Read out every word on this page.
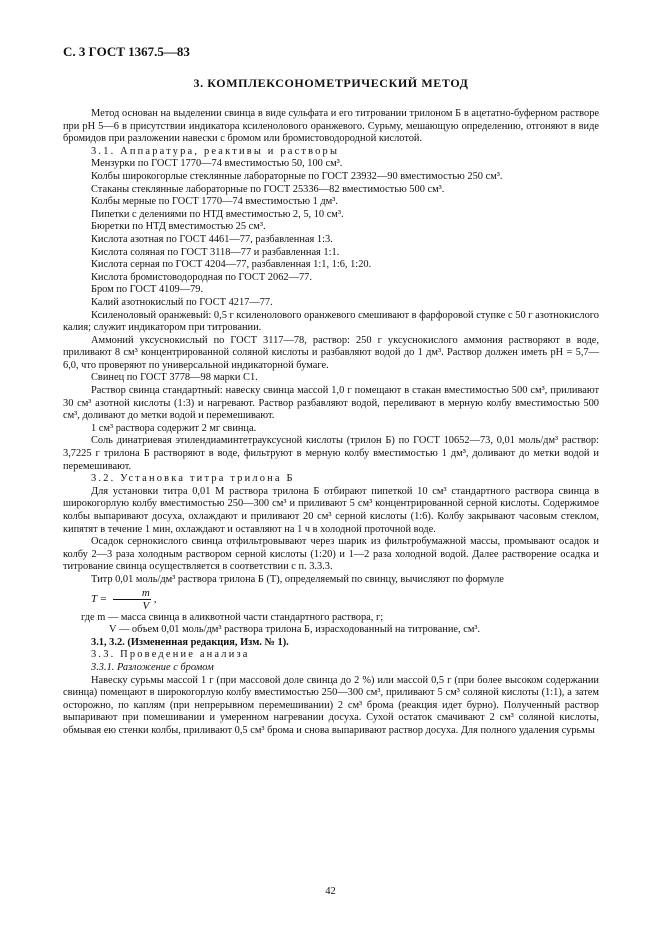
С. 3 ГОСТ 1367.5—83
3. КОМПЛЕКСОНОМЕТРИЧЕСКИЙ МЕТОД

Метод основан на выделении свинца в виде сульфата и его титровании трилоном Б в ацетатно-буферном растворе при рН 5—6 в присутствии индикатора ксиленолового оранжевого. Сурьму, мешающую определению, отгоняют в виде бромидов при разложении навески с бромом или бромистоводородной кислотой.

3.1. Аппаратура, реактивы и растворы

Мензурки по ГОСТ 1770—74 вместимостью 50, 100 см³.

Колбы широкогорлые стеклянные лабораторные по ГОСТ 23932—90 вместимостью 250 см³.

Стаканы стеклянные лабораторные по ГОСТ 25336—82 вместимостью 500 см³.

Колбы мерные по ГОСТ 1770—74 вместимостью 1 дм³.

Пипетки с делениями по НТД вместимостью 2, 5, 10 см³.

Бюретки по НТД вместимостью 25 см³.

Кислота азотная по ГОСТ 4461—77, разбавленная 1:3.

Кислота соляная по ГОСТ 3118—77 и разбавленная 1:1.

Кислота серная по ГОСТ 4204—77, разбавленная 1:1, 1:6, 1:20.

Кислота бромистоводородная по ГОСТ 2062—77.

Бром по ГОСТ 4109—79.

Калий азотнокислый по ГОСТ 4217—77.

Ксиленоловый оранжевый: 0,5 г ксиленолового оранжевого смешивают в фарфоровой ступке с 50 г азотнокислого калия; служит индикатором при титровании.

Аммоний уксуснокислый по ГОСТ 3117—78, раствор: 250 г уксуснокислого аммония растворяют в воде, приливают 8 см³ концентрированной соляной кислоты и разбавляют водой до 1 дм³. Раствор должен иметь рН = 5,7—6,0, что проверяют по универсальной индикаторной бумаге.

Свинец по ГОСТ 3778—98 марки С1.

Раствор свинца стандартный: навеску свинца массой 1,0 г помещают в стакан вместимостью 500 см³, приливают 30 см³ азотной кислоты (1:3) и нагревают. Раствор разбавляют водой, переливают в мерную колбу вместимостью 500 см³, доливают до метки водой и перемешивают.

1 см³ раствора содержит 2 мг свинца.

Соль динатриевая этилендиаминтетрауксусной кислоты (трилон Б) по ГОСТ 10652—73, 0,01 моль/дм³ раствор: 3,7225 г трилона Б растворяют в воде, фильтруют в мерную колбу вместимостью 1 дм³, доливают до метки водой и перемешивают.

3.2. Установка титра трилона Б

Для установки титра 0,01 М раствора трилона Б отбирают пипеткой 10 см³ стандартного раствора свинца в широкогорлую колбу вместимостью 250—300 см³ и приливают 5 см³ концентрированной серной кислоты. Содержимое колбы выпаривают досуха, охлаждают и приливают 20 см³ серной кислоты (1:6). Колбу закрывают часовым стеклом, кипятят в течение 1 мин, охлаждают и оставляют на 1 ч в холодной проточной воде.

Осадок сернокислого свинца отфильтровывают через шарик из фильтробумажной массы, промывают осадок и колбу 2—3 раза холодным раствором серной кислоты (1:20) и 1—2 раза холодной водой. Далее растворение осадка и титрование свинца осуществляется в соответствии с п. 3.3.3.

Титр 0,01 моль/дм³ раствора трилона Б (Т), определяемый по свинцу, вычисляют по формуле

$T = \frac{m}{V}$ ,

где m — масса свинца в аликвотной части стандартного раствора, г;

V — объем 0,01 моль/дм³ раствора трилона Б, израсходованный на титрование, см³.

3.1, 3.2. (Измененная редакция, Изм. № 1).

3.3. Проведение анализа

3.3.1. Разложение с бромом

Навеску сурьмы массой 1 г (при массовой доле свинца до 2 %) или массой 0,5 г (при более высоком содержании свинца) помещают в широкогорлую колбу вместимостью 250—300 см³, приливают 5 см³ соляной кислоты (1:1), а затем осторожно, по каплям (при непрерывном перемешивании) 2 см³ брома (реакция идет бурно). Полученный раствор выпаривают при помешивании и умеренном нагревании досуха. Сухой остаток смачивают 2 см³ соляной кислоты, обмывая ею стенки колбы, приливают 0,5 см³ брома и снова выпаривают раствор досуха. Для полного удаления сурьмы

42
